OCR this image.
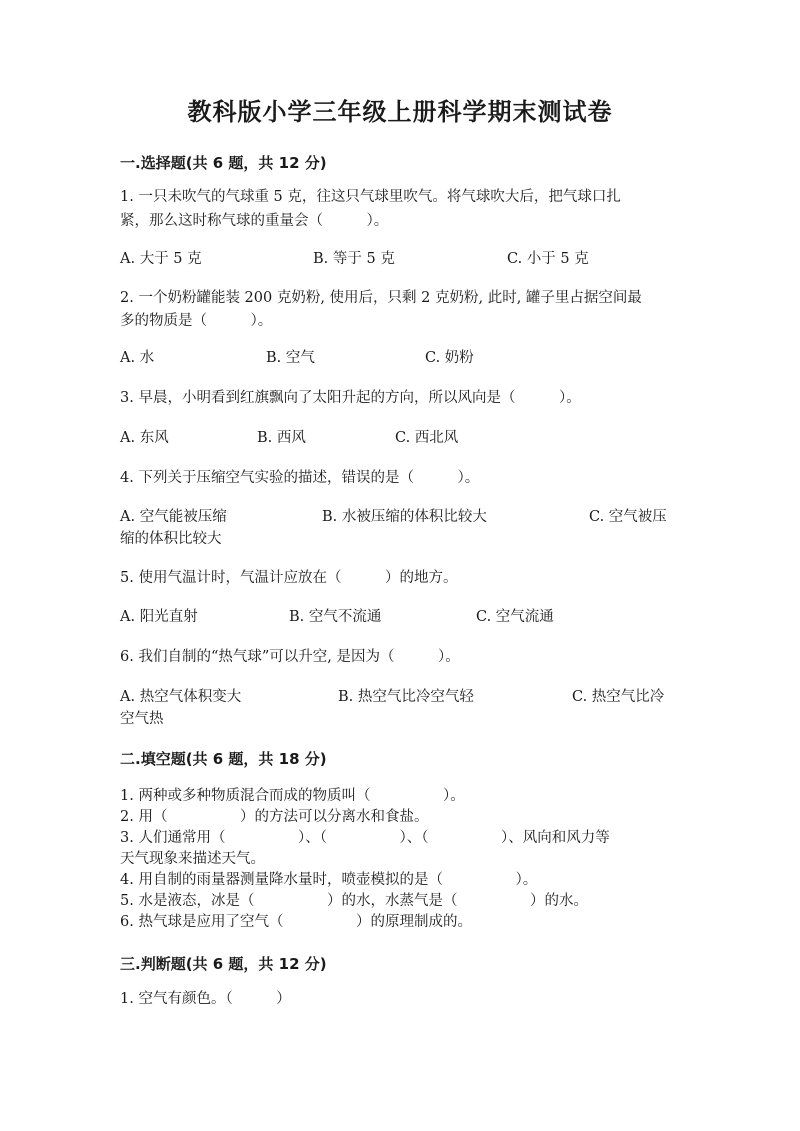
教科版小学三年级上册科学期末测试卷
一.选择题(共 6 题，共 12 分)
1. 一只未吹气的气球重 5 克，往这只气球里吹气。将气球吹大后，把气球口扎
紧，那么这时称气球的重量会（　　　）。
A. 大于 5 克	B. 等于 5 克	C. 小于 5 克
2. 一个奶粉罐能装 200 克奶粉, 使用后，只剩 2 克奶粉, 此时, 罐子里占据空间最
多的物质是（　　　）。
A. 水	B. 空气	C. 奶粉
3. 早晨，小明看到红旗飘向了太阳升起的方向，所以风向是（　　　）。
A. 东风	B. 西风	C. 西北风
4. 下列关于压缩空气实验的描述，错误的是（　　　）。
A. 空气能被压缩	B. 水被压缩的体积比较大	C. 空气被压
缩的体积比较大
5. 使用气温计时，气温计应放在（　　　）的地方。
A. 阳光直射	B. 空气不流通	C. 空气流通
6. 我们自制的“热气球”可以升空, 是因为（　　　）。
A. 热空气体积变大	B. 热空气比冷空气轻	C. 热空气比冷
空气热
二.填空题(共 6 题，共 18 分)
1. 两种或多种物质混合而成的物质叫（　　　　　）。
2. 用（　　　　　）的方法可以分离水和食盐。
3. 人们通常用（　　　　　）、（　　　　　）、（　　　　　）、风向和风力等
天气现象来描述天气。
4. 用自制的雨量器测量降水量时，喷壶模拟的是（　　　　　）。
5. 水是液态，冰是（　　　　　）的水，水蒸气是（　　　　　）的水。
6. 热气球是应用了空气（　　　　　）的原理制成的。
三.判断题(共 6 题，共 12 分)
1. 空气有颜色。（　　　）
